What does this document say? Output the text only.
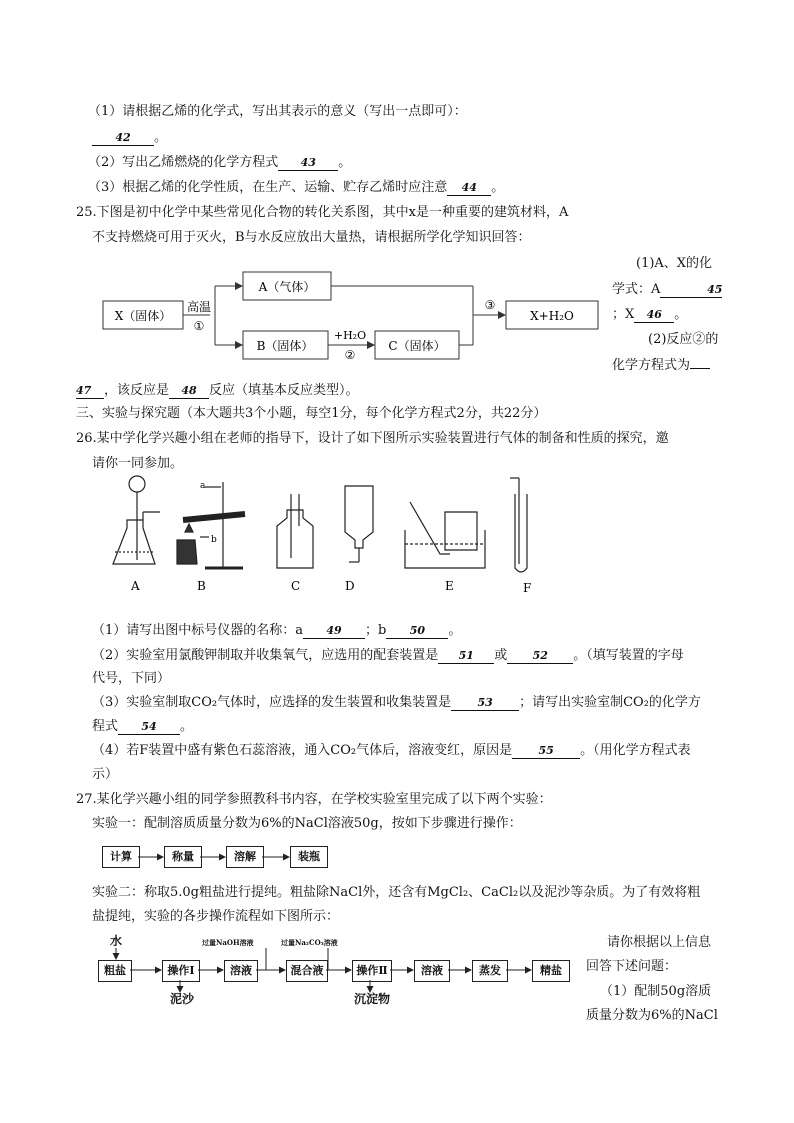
（1）请根据乙烯的化学式，写出其表示的意义（写出一点即可）：
42 。
（2）写出乙烯燃烧的化学方程式 43 。
（3）根据乙烯的化学性质，在生产、运输、贮存乙烯时应注意 44 。
25.下图是初中化学中某些常见化合物的转化关系图，其中x是一种重要的建筑材料，A
不支持燃烧可用于灭火，B与水反应放出大量热，请根据所学化学知识回答：
X（固体）
高温
①
A（气体）
B（固体）
+H₂O
②
C（固体）
③
X+H₂O
(1)A、X的化
学式：A	45
；X 46 。
(2)反应②的
化学方程式为
47 ，该反应是 48 反应（填基本反应类型）。
三、实验与探究题（本大题共3个小题，每空1分，每个化学方程式2分，共22分）
26.某中学化学兴趣小组在老师的指导下，设计了如下图所示实验装置进行气体的制备和性质的探究，邀
请你一同参加。
a
b
A	B	C	D	E	F
（1）请写出图中标号仪器的名称：a 49 ；b 50 。
（2）实验室用氯酸钾制取并收集氧气，应选用的配套装置是 51 或 52 。（填写装置的字母
代号，下同）
（3）实验室制取CO₂气体时，应选择的发生装置和收集装置是 53 ；请写出实验室制CO₂的化学方
程式 54 。
（4）若F装置中盛有紫色石蕊溶液，通入CO₂气体后，溶液变红，原因是 55 。（用化学方程式表
示）
27.某化学兴趣小组的同学参照教科书内容，在学校实验室里完成了以下两个实验：
实验一：配制溶质质量分数为6%的NaCl溶液50g，按如下步骤进行操作：
计算	称量	溶解	装瓶
实验二：称取5.0g粗盐进行提纯。粗盐除NaCl外，还含有MgCl₂、CaCl₂以及泥沙等杂质。为了有效将粗
盐提纯，实验的各步操作流程如下图所示：
水	过量NaOH溶液	过量Na₂CO₃溶液
粗盐	操作Ⅰ	溶液	混合液	操作Ⅱ	溶液	蒸发	精盐
泥沙	沉淀物
请你根据以上信息
回答下述问题：
（1）配制50g溶质
质量分数为6%的NaCl
